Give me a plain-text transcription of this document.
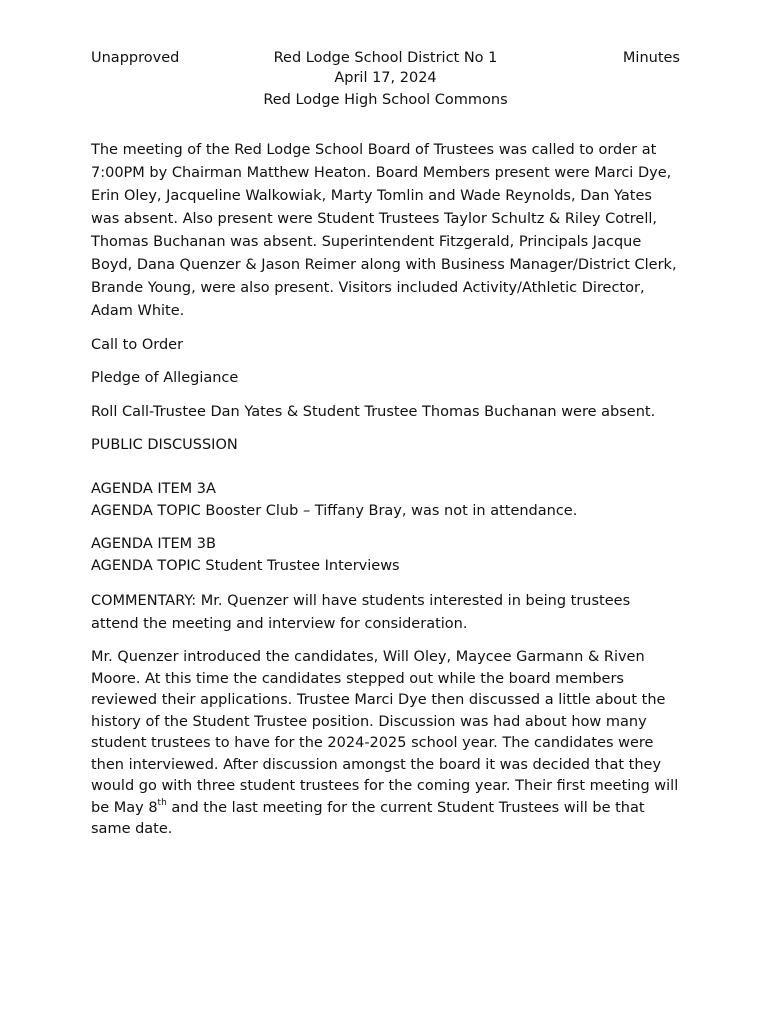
Unapproved	Red Lodge School District No 1	Minutes
April 17, 2024
Red Lodge High School Commons

The meeting of the Red Lodge School Board of Trustees was called to order at 7:00PM by Chairman Matthew Heaton. Board Members present were Marci Dye, Erin Oley, Jacqueline Walkowiak, Marty Tomlin and Wade Reynolds, Dan Yates was absent. Also present were Student Trustees Taylor Schultz & Riley Cotrell, Thomas Buchanan was absent. Superintendent Fitzgerald, Principals Jacque Boyd, Dana Quenzer & Jason Reimer along with Business Manager/District Clerk, Brande Young, were also present. Visitors included Activity/Athletic Director, Adam White.

Call to Order

Pledge of Allegiance

Roll Call-Trustee Dan Yates & Student Trustee Thomas Buchanan were absent.

PUBLIC DISCUSSION

AGENDA ITEM 3A

AGENDA TOPIC Booster Club – Tiffany Bray, was not in attendance.

AGENDA ITEM 3B

AGENDA TOPIC Student Trustee Interviews

COMMENTARY: Mr. Quenzer will have students interested in being trustees attend the meeting and interview for consideration.

Mr. Quenzer introduced the candidates, Will Oley, Maycee Garmann & Riven Moore. At this time the candidates stepped out while the board members reviewed their applications. Trustee Marci Dye then discussed a little about the history of the Student Trustee position. Discussion was had about how many student trustees to have for the 2024-2025 school year. The candidates were then interviewed. After discussion amongst the board it was decided that they would go with three student trustees for the coming year. Their first meeting will be May 8th and the last meeting for the current Student Trustees will be that same date.
